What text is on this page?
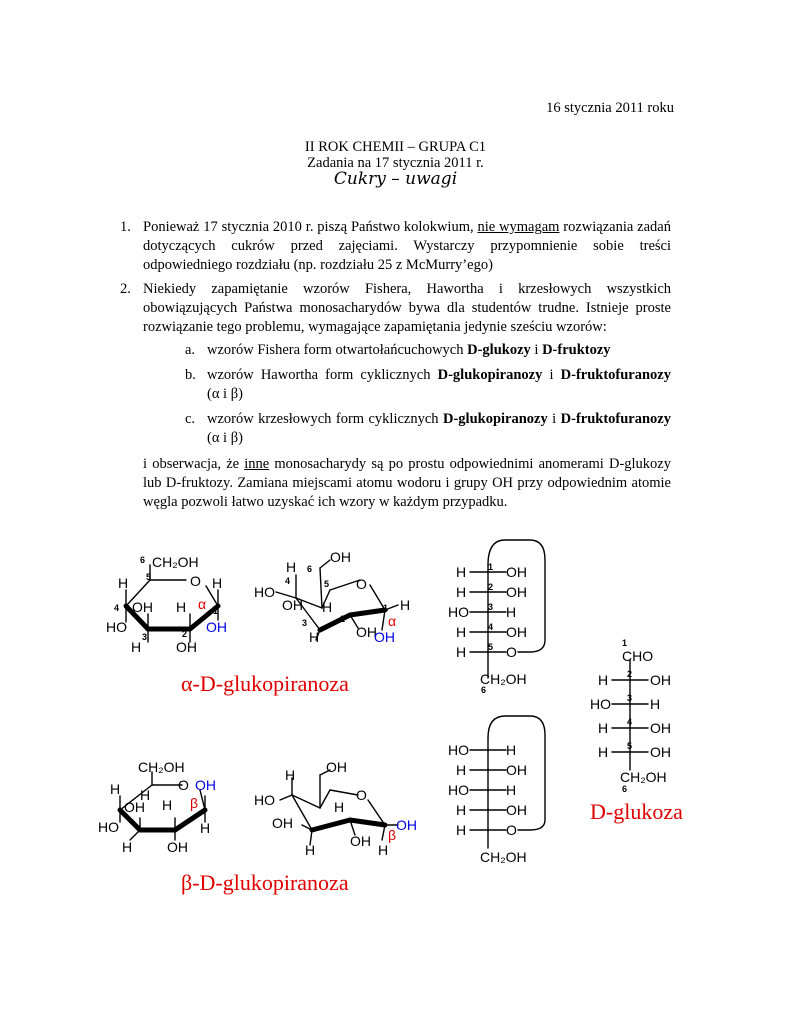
16 stycznia 2011 roku
II ROK CHEMII – GRUPA C1
Zadania na 17 stycznia 2011 r.
Cukry – uwagi
1. Ponieważ 17 stycznia 2010 r. piszą Państwo kolokwium, nie wymagam rozwiązania zadań dotyczących cukrów przed zajęciami. Wystarczy przypomnienie sobie treści odpowiedniego rozdziału (np. rozdziału 25 z McMurry’ego)
2. Niekiedy zapamiętanie wzorów Fishera, Hawortha i krzesłowych wszystkich obowiązujących Państwa monosacharydów bywa dla studentów trudne. Istnieje proste rozwiązanie tego problemu, wymagające zapamiętania jedynie sześciu wzorów:
a. wzorów Fishera form otwartołańcuchowych D-glukozy i D-fruktozy
b. wzorów Hawortha form cyklicznych D-glukopiranozy i D-fruktofuranozy
(α i β)
c. wzorów krzesłowych form cyklicznych D-glukopiranozy i D-fruktofuranozy
(α i β)
i obserwacja, że inne monosacharydy są po prostu odpowiednimi anomerami D-glukozy lub D-fruktozy. Zamiana miejscami atomu wodoru i grupy OH przy odpowiednim atomie węgla pozwoli łatwo uzyskać ich wzory w każdym przypadku.
α-D-glukopiranoza
β-D-glukopiranoza
D-glukoza
CH₂OH
6
5	O
H
4 OH H
H
α 1
OH
HO
3	2
H OH
OH
6
H
4	5 O
HO
H	1 H
OH
3	2
OH
α
OH
H
H 1 OH
H 2 OH
HO 3 H
H 4 OH
H 5 O
CH₂OH
6
1
CHO
H 2 OH
HO 3 H
H 4 OH
H 5 OH
CH₂OH
6
CH₂OH
O OH
H H
OH H β
HO	H
H OH
OH
H
HO	O
H
OH	OH
β
OH
H
H
HO	H
H	OH
HO	H
H	OH
H	O
CH₂OH
